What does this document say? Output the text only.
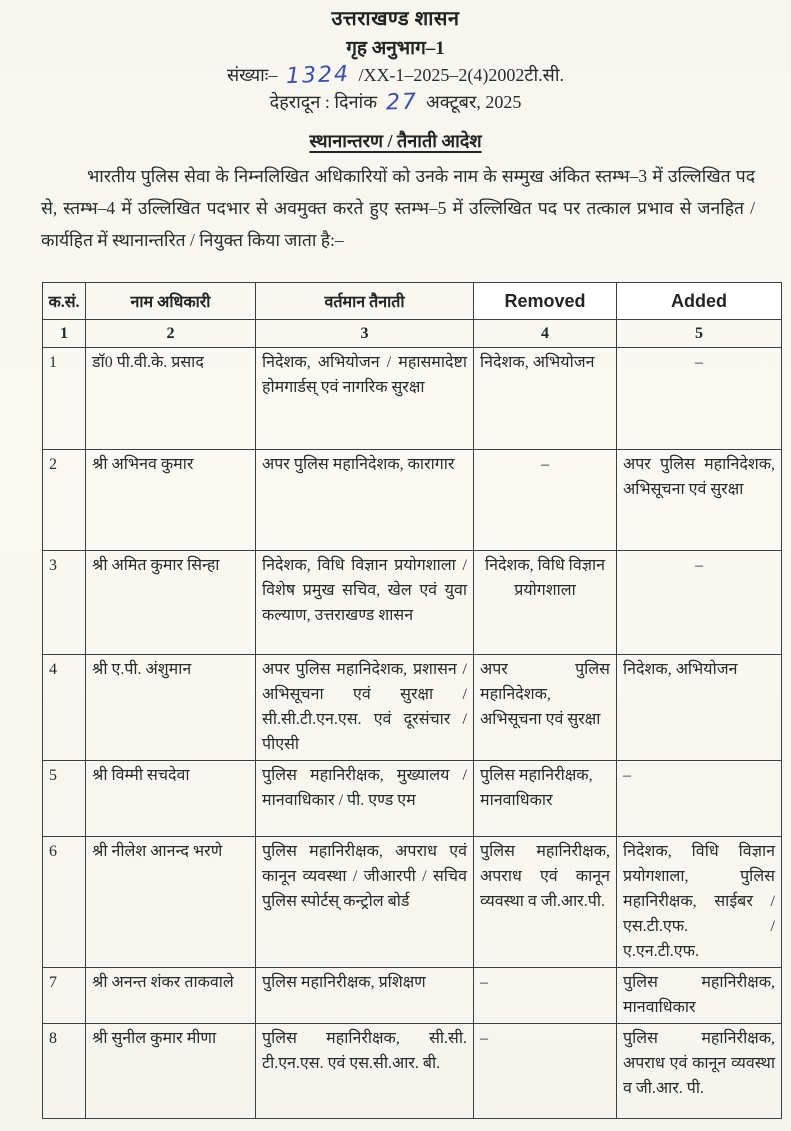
उत्तराखण्ड शासन
गृह अनुभाग–1
संख्याः– 1324 /XX-1–2025–2(4)2002टी.सी.
देहरादून : दिनांक 27 अक्टूबर, 2025
स्थानान्तरण / तैनाती आदेश

भारतीय पुलिस सेवा के निम्नलिखित अधिकारियों को उनके नाम के सम्मुख अंकित स्तम्भ–3 में उल्लिखित पद से, स्तम्भ–4 में उल्लिखित पदभार से अवमुक्त करते हुए स्तम्भ–5 में उल्लिखित पद पर तत्काल प्रभाव से जनहित / कार्यहित में स्थानान्तरित / नियुक्त किया जाता है:–

क.सं.	नाम अधिकारी	वर्तमान तैनाती	Removed	Added
1	2	3	4	5
1	डॉ0 पी.वी.के. प्रसाद	निदेशक, अभियोजन / महासमादेष्टा होमगार्डस् एवं नागरिक सुरक्षा	निदेशक, अभियोजन	–
2	श्री अभिनव कुमार	अपर पुलिस महानिदेशक, कारागार	–	अपर पुलिस महानिदेशक, अभिसूचना एवं सुरक्षा
3	श्री अमित कुमार सिन्हा	निदेशक, विधि विज्ञान प्रयोगशाला / विशेष प्रमुख सचिव, खेल एवं युवा कल्याण, उत्तराखण्ड शासन	निदेशक, विधि विज्ञान प्रयोगशाला	–
4	श्री ए.पी. अंशुमान	अपर पुलिस महानिदेशक, प्रशासन / अभिसूचना एवं सुरक्षा / सी.सी.टी.एन.एस. एवं दूरसंचार / पीएसी	अपर पुलिस महानिदेशक, अभिसूचना एवं सुरक्षा	निदेशक, अभियोजन
5	श्री विम्मी सचदेवा	पुलिस महानिरीक्षक, मुख्यालय / मानवाधिकार / पी. एण्ड एम	पुलिस महानिरीक्षक, मानवाधिकार	–
6	श्री नीलेश आनन्द भरणे	पुलिस महानिरीक्षक, अपराध एवं कानून व्यवस्था / जीआरपी / सचिव पुलिस स्पोर्टस् कन्ट्रोल बोर्ड	पुलिस महानिरीक्षक, अपराध एवं कानून व्यवस्था व जी.आर.पी.	निदेशक, विधि विज्ञान प्रयोगशाला, पुलिस महानिरीक्षक, साईबर / एस.टी.एफ. / ए.एन.टी.एफ.
7	श्री अनन्त शंकर ताकवाले	पुलिस महानिरीक्षक, प्रशिक्षण	–	पुलिस महानिरीक्षक, मानवाधिकार
8	श्री सुनील कुमार मीणा	पुलिस महानिरीक्षक, सी.सी. टी.एन.एस. एवं एस.सी.आर. बी.	–	पुलिस महानिरीक्षक, अपराध एवं कानून व्यवस्था व जी.आर. पी.
